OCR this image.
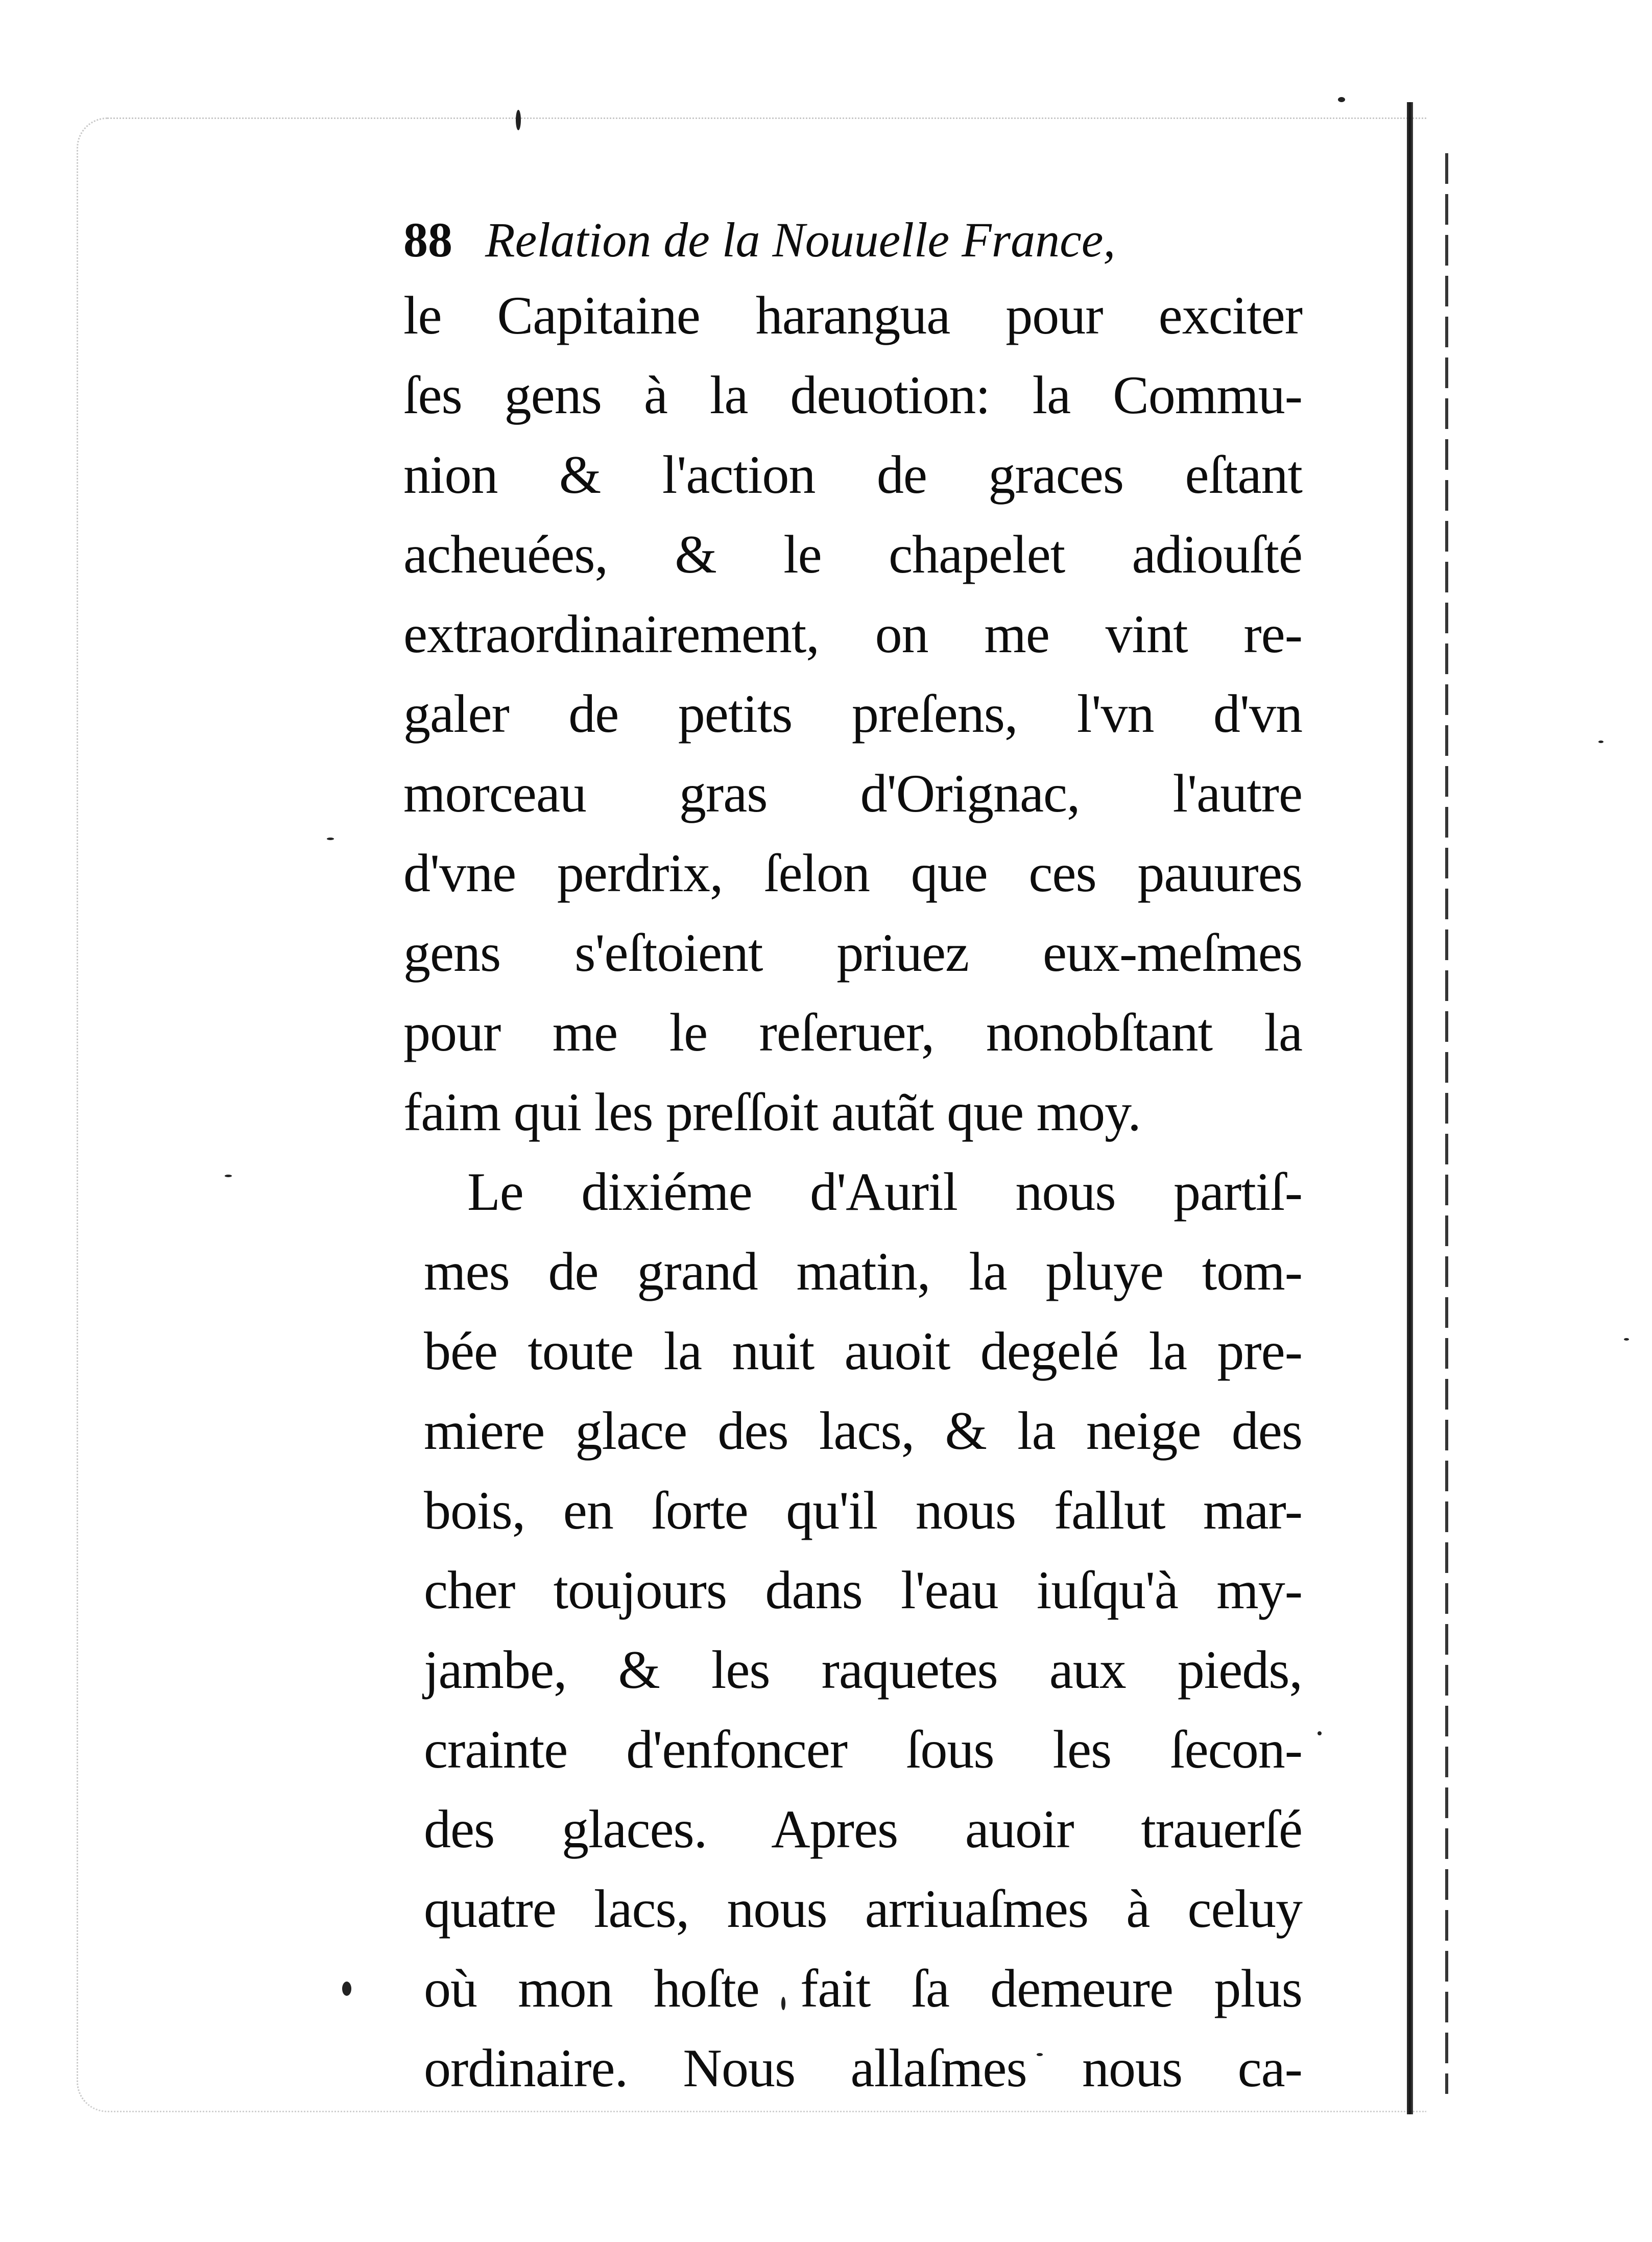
88 Relation de la Nouuelle France,
le Capitaine harangua pour exciter
ſes gens à la deuotion: la Commu-
nion & l'action de graces eſtant
acheuées, & le chapelet adiouſté
extraordinairement, on me vint re-
galer de petits preſens, l'vn d'vn
morceau gras d'Orignac, l'autre
d'vne perdrix, ſelon que ces pauures
gens s'eſtoient priuez eux-meſmes
pour me le reſeruer, nonobſtant la
faim qui les preſſoit autãt que moy.
Le dixiéme d'Auril nous partiſ-
mes de grand matin, la pluye tom-
bée toute la nuit auoit degelé la pre-
miere glace des lacs, & la neige des
bois, en ſorte qu'il nous fallut mar-
cher toujours dans l'eau iuſqu'à my-
jambe, & les raquetes aux pieds,
crainte d'enfoncer ſous les ſecon-
des glaces. Apres auoir trauerſé
quatre lacs, nous arriuaſmes à celuy
où mon hoſte fait ſa demeure plus
ordinaire. Nous allaſmes nous ca-
